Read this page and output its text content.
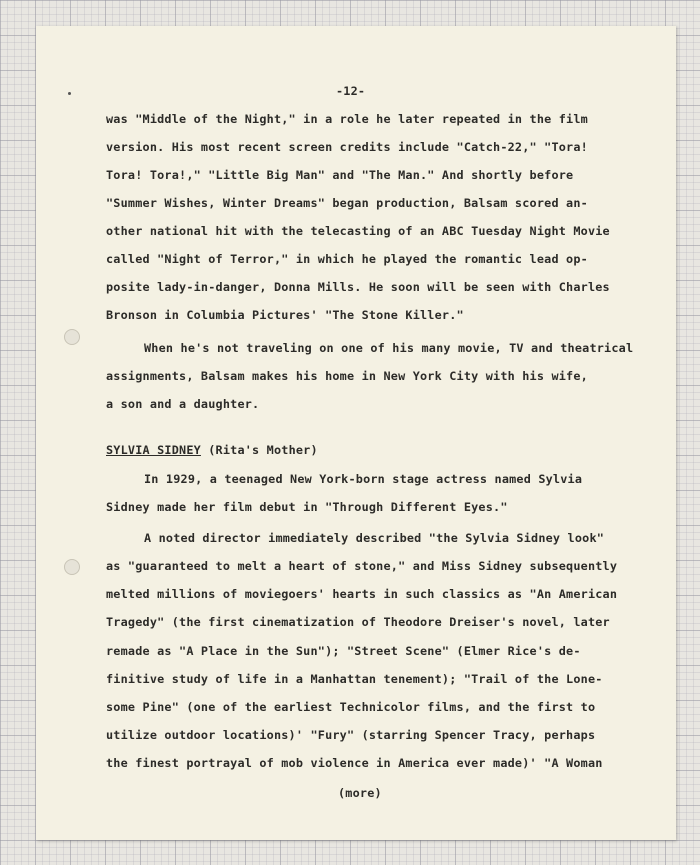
-12-
was "Middle of the Night," in a role he later repeated in the film
version. His most recent screen credits include "Catch-22," "Tora!
Tora! Tora!," "Little Big Man" and "The Man." And shortly before
"Summer Wishes, Winter Dreams" began production, Balsam scored an-
other national hit with the telecasting of an ABC Tuesday Night Movie
called "Night of Terror," in which he played the romantic lead op-
posite lady-in-danger, Donna Mills. He soon will be seen with Charles
Bronson in Columbia Pictures' "The Stone Killer."
When he's not traveling on one of his many movie, TV and theatrical
assignments, Balsam makes his home in New York City with his wife,
a son and a daughter.
SYLVIA SIDNEY (Rita's Mother)
In 1929, a teenaged New York-born stage actress named Sylvia
Sidney made her film debut in "Through Different Eyes."
A noted director immediately described "the Sylvia Sidney look"
as "guaranteed to melt a heart of stone," and Miss Sidney subsequently
melted millions of moviegoers' hearts in such classics as "An American
Tragedy" (the first cinematization of Theodore Dreiser's novel, later
remade as "A Place in the Sun"); "Street Scene" (Elmer Rice's de-
finitive study of life in a Manhattan tenement); "Trail of the Lone-
some Pine" (one of the earliest Technicolor films, and the first to
utilize outdoor locations)' "Fury" (starring Spencer Tracy, perhaps
the finest portrayal of mob violence in America ever made)' "A Woman
(more)
